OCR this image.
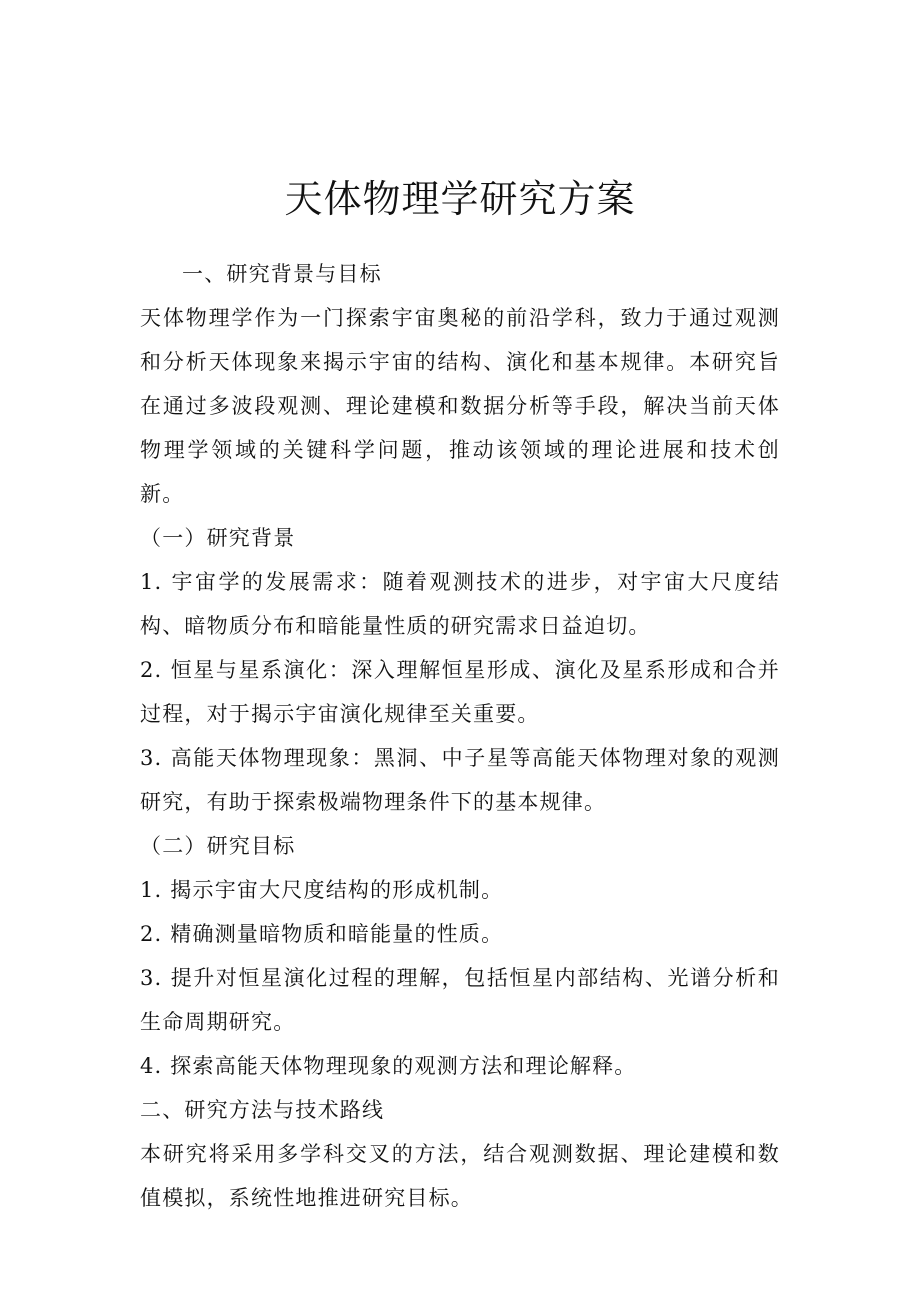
天体物理学研究方案

一、研究背景与目标

天体物理学作为一门探索宇宙奥秘的前沿学科，致力于通过观测和分析天体现象来揭示宇宙的结构、演化和基本规律。本研究旨在通过多波段观测、理论建模和数据分析等手段，解决当前天体物理学领域的关键科学问题，推动该领域的理论进展和技术创新。

（一）研究背景

1. 宇宙学的发展需求：随着观测技术的进步，对宇宙大尺度结构、暗物质分布和暗能量性质的研究需求日益迫切。

2. 恒星与星系演化：深入理解恒星形成、演化及星系形成和合并过程，对于揭示宇宙演化规律至关重要。

3. 高能天体物理现象：黑洞、中子星等高能天体物理对象的观测研究，有助于探索极端物理条件下的基本规律。

（二）研究目标

1. 揭示宇宙大尺度结构的形成机制。

2. 精确测量暗物质和暗能量的性质。

3. 提升对恒星演化过程的理解，包括恒星内部结构、光谱分析和生命周期研究。

4. 探索高能天体物理现象的观测方法和理论解释。

二、研究方法与技术路线

本研究将采用多学科交叉的方法，结合观测数据、理论建模和数值模拟，系统性地推进研究目标。
